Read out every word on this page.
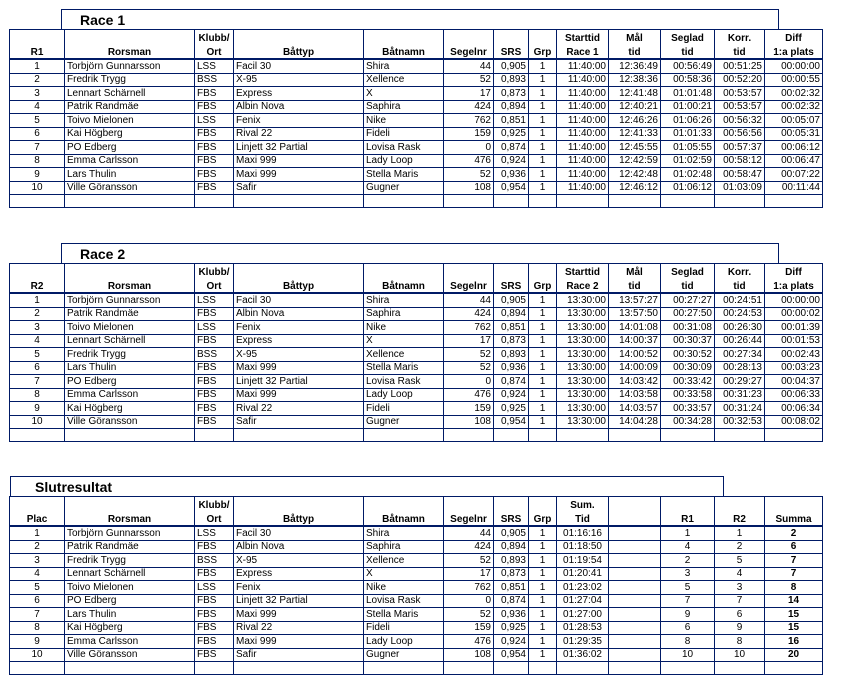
Race 1
		Klubb/						Starttid	Mål	Seglad	Korr.	Diff
R1	Rorsman	Ort	Båttyp	Båtnamn	Segelnr	SRS	Grp	Race 1	tid	tid	tid	1:a plats
1	Torbjörn Gunnarsson	LSS	Facil 30	Shira	44	0,905	1	11:40:00	12:36:49	00:56:49	00:51:25	00:00:00
2	Fredrik Trygg	BSS	X-95	Xellence	52	0,893	1	11:40:00	12:38:36	00:58:36	00:52:20	00:00:55
3	Lennart Schärnell	FBS	Express	X	17	0,873	1	11:40:00	12:41:48	01:01:48	00:53:57	00:02:32
4	Patrik Randmäe	FBS	Albin Nova	Saphira	424	0,894	1	11:40:00	12:40:21	01:00:21	00:53:57	00:02:32
5	Toivo Mielonen	LSS	Fenix	Nike	762	0,851	1	11:40:00	12:46:26	01:06:26	00:56:32	00:05:07
6	Kai Högberg	FBS	Rival 22	Fideli	159	0,925	1	11:40:00	12:41:33	01:01:33	00:56:56	00:05:31
7	PO Edberg	FBS	Linjett 32 Partial	Lovisa Rask	0	0,874	1	11:40:00	12:45:55	01:05:55	00:57:37	00:06:12
8	Emma Carlsson	FBS	Maxi 999	Lady Loop	476	0,924	1	11:40:00	12:42:59	01:02:59	00:58:12	00:06:47
9	Lars Thulin	FBS	Maxi 999	Stella Maris	52	0,936	1	11:40:00	12:42:48	01:02:48	00:58:47	00:07:22
10	Ville Göransson	FBS	Safir	Gugner	108	0,954	1	11:40:00	12:46:12	01:06:12	01:03:09	00:11:44

Race 2
		Klubb/						Starttid	Mål	Seglad	Korr.	Diff
R2	Rorsman	Ort	Båttyp	Båtnamn	Segelnr	SRS	Grp	Race 2	tid	tid	tid	1:a plats
1	Torbjörn Gunnarsson	LSS	Facil 30	Shira	44	0,905	1	13:30:00	13:57:27	00:27:27	00:24:51	00:00:00
2	Patrik Randmäe	FBS	Albin Nova	Saphira	424	0,894	1	13:30:00	13:57:50	00:27:50	00:24:53	00:00:02
3	Toivo Mielonen	LSS	Fenix	Nike	762	0,851	1	13:30:00	14:01:08	00:31:08	00:26:30	00:01:39
4	Lennart Schärnell	FBS	Express	X	17	0,873	1	13:30:00	14:00:37	00:30:37	00:26:44	00:01:53
5	Fredrik Trygg	BSS	X-95	Xellence	52	0,893	1	13:30:00	14:00:52	00:30:52	00:27:34	00:02:43
6	Lars Thulin	FBS	Maxi 999	Stella Maris	52	0,936	1	13:30:00	14:00:09	00:30:09	00:28:13	00:03:23
7	PO Edberg	FBS	Linjett 32 Partial	Lovisa Rask	0	0,874	1	13:30:00	14:03:42	00:33:42	00:29:27	00:04:37
8	Emma Carlsson	FBS	Maxi 999	Lady Loop	476	0,924	1	13:30:00	14:03:58	00:33:58	00:31:23	00:06:33
9	Kai Högberg	FBS	Rival 22	Fideli	159	0,925	1	13:30:00	14:03:57	00:33:57	00:31:24	00:06:34
10	Ville Göransson	FBS	Safir	Gugner	108	0,954	1	13:30:00	14:04:28	00:34:28	00:32:53	00:08:02

Slutresultat
		Klubb/						Sum.				
Plac	Rorsman	Ort	Båttyp	Båtnamn	Segelnr	SRS	Grp	Tid		R1	R2	Summa
1	Torbjörn Gunnarsson	LSS	Facil 30	Shira	44	0,905	1	01:16:16		1	1	2
2	Patrik Randmäe	FBS	Albin Nova	Saphira	424	0,894	1	01:18:50		4	2	6
3	Fredrik Trygg	BSS	X-95	Xellence	52	0,893	1	01:19:54		2	5	7
4	Lennart Schärnell	FBS	Express	X	17	0,873	1	01:20:41		3	4	7
5	Toivo Mielonen	LSS	Fenix	Nike	762	0,851	1	01:23:02		5	3	8
6	PO Edberg	FBS	Linjett 32 Partial	Lovisa Rask	0	0,874	1	01:27:04		7	7	14
7	Lars Thulin	FBS	Maxi 999	Stella Maris	52	0,936	1	01:27:00		9	6	15
8	Kai Högberg	FBS	Rival 22	Fideli	159	0,925	1	01:28:53		6	9	15
9	Emma Carlsson	FBS	Maxi 999	Lady Loop	476	0,924	1	01:29:35		8	8	16
10	Ville Göransson	FBS	Safir	Gugner	108	0,954	1	01:36:02		10	10	20
